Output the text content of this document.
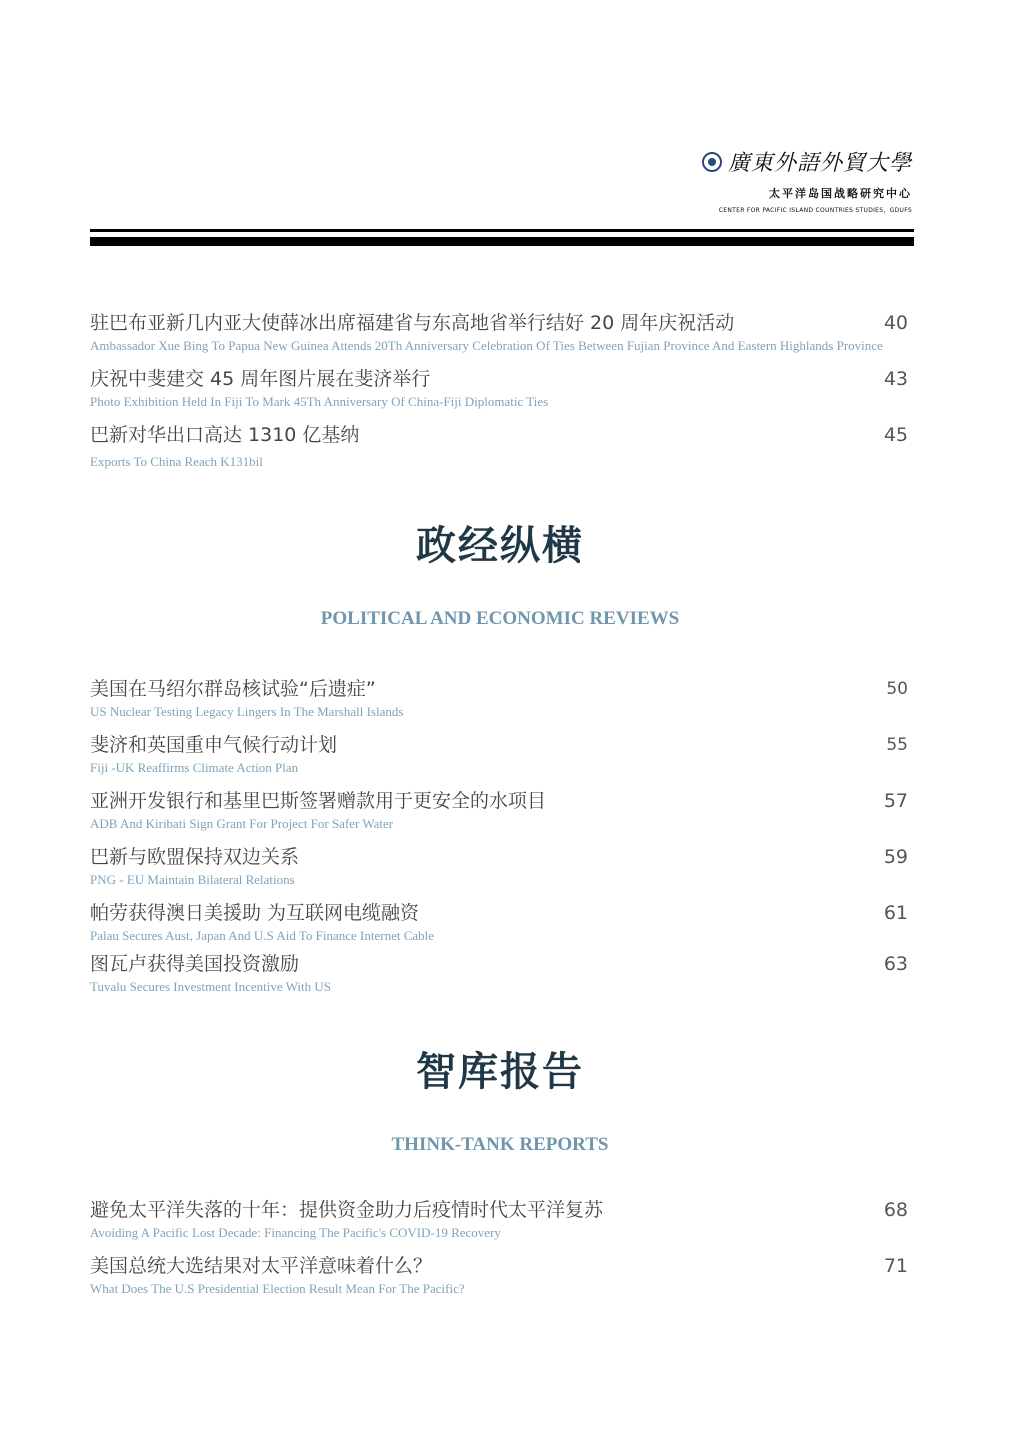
廣東外語外貿大學
太平洋岛国战略研究中心
CENTER FOR PACIFIC ISLAND COUNTRIES STUDIES，GDUFS
驻巴布亚新几内亚大使薛冰出席福建省与东高地省举行结好 20 周年庆祝活动
Ambassador Xue Bing To Papua New Guinea Attends 20Th Anniversary Celebration Of Ties Between Fujian Province And Eastern Highlands Province
40
庆祝中斐建交 45 周年图片展在斐济举行
Photo Exhibition Held In Fiji To Mark 45Th Anniversary Of China-Fiji Diplomatic Ties
43
巴新对华出口高达 1310 亿基纳
Exports To China Reach K131bil
45
政经纵横
POLITICAL AND ECONOMIC REVIEWS
美国在马绍尔群岛核试验“后遗症”
US Nuclear Testing Legacy Lingers In The Marshall Islands
50
斐济和英国重申气候行动计划
Fiji -UK Reaffirms Climate Action Plan
55
亚洲开发银行和基里巴斯签署赠款用于更安全的水项目
ADB And Kiribati Sign Grant For Project For Safer Water
57
巴新与欧盟保持双边关系
PNG - EU Maintain Bilateral Relations
59
帕劳获得澳日美援助 为互联网电缆融资
Palau Secures Aust, Japan And U.S Aid To Finance Internet Cable
61
图瓦卢获得美国投资激励
Tuvalu Secures Investment Incentive With US
63
智库报告
THINK-TANK REPORTS
避免太平洋失落的十年：提供资金助力后疫情时代太平洋复苏
Avoiding A Pacific Lost Decade: Financing The Pacific's COVID-19 Recovery
68
美国总统大选结果对太平洋意味着什么？
What Does The U.S Presidential Election Result Mean For The Pacific?
71
